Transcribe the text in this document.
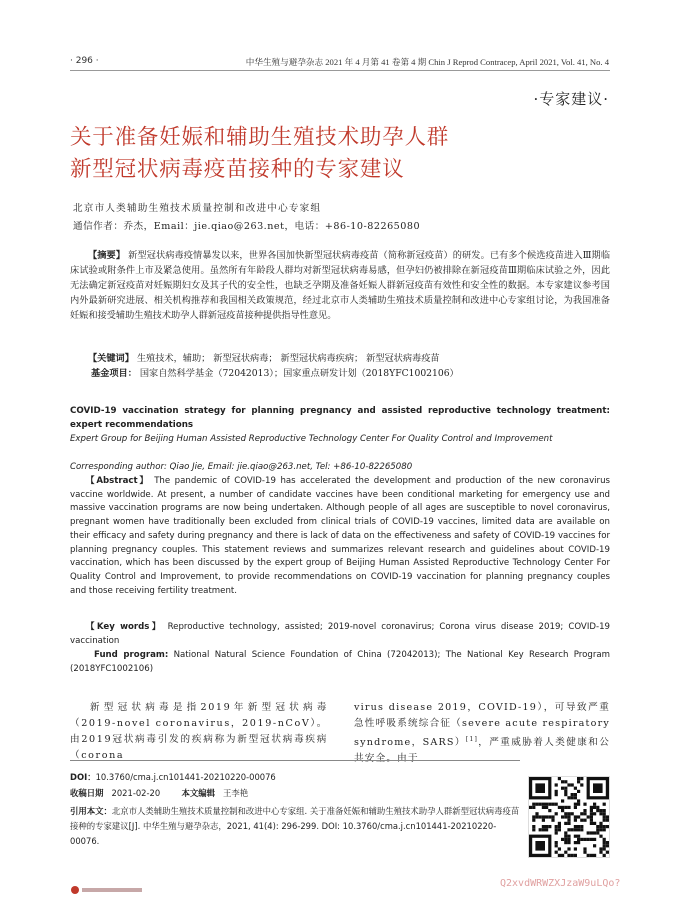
· 296 ·	中华生殖与避孕杂志 2021 年 4 月第 41 卷第 4 期 Chin J Reprod Contracep, April 2021, Vol. 41, No. 4
·专家建议·
关于准备妊娠和辅助生殖技术助孕人群
新型冠状病毒疫苗接种的专家建议
北京市人类辅助生殖技术质量控制和改进中心专家组
通信作者：乔杰，Email：jie.qiao@263.net，电话：+86-10-82265080
【摘要】 新型冠状病毒疫情暴发以来，世界各国加快新型冠状病毒疫苗（简称新冠疫苗）的研发。已有多个候选疫苗进入Ⅲ期临床试验或附条件上市及紧急使用。虽然所有年龄段人群均对新型冠状病毒易感，但孕妇仍被排除在新冠疫苗Ⅲ期临床试验之外，因此无法确定新冠疫苗对妊娠期妇女及其子代的安全性，也缺乏孕期及准备妊娠人群新冠疫苗有效性和安全性的数据。本专家建议参考国内外最新研究进展、相关机构推荐和我国相关政策规范，经过北京市人类辅助生殖技术质量控制和改进中心专家组讨论，为我国准备妊娠和接受辅助生殖技术助孕人群新冠疫苗接种提供指导性意见。
【关键词】 生殖技术，辅助； 新型冠状病毒； 新型冠状病毒疾病； 新型冠状病毒疫苗
基金项目： 国家自然科学基金（72042013）；国家重点研发计划（2018YFC1002106）
COVID-19 vaccination strategy for planning pregnancy and assisted reproductive technology treatment: expert recommendations
Expert Group for Beijing Human Assisted Reproductive Technology Center For Quality Control and Improvement
Corresponding author: Qiao Jie, Email: jie.qiao@263.net, Tel: +86-10-82265080
【Abstract】 The pandemic of COVID-19 has accelerated the development and production of the new coronavirus vaccine worldwide. At present, a number of candidate vaccines have been conditional marketing for emergency use and massive vaccination programs are now being undertaken. Although people of all ages are susceptible to novel coronavirus, pregnant women have traditionally been excluded from clinical trials of COVID-19 vaccines, limited data are available on their efficacy and safety during pregnancy and there is lack of data on the effectiveness and safety of COVID-19 vaccines for planning pregnancy couples. This statement reviews and summarizes relevant research and guidelines about COVID-19 vaccination, which has been discussed by the expert group of Beijing Human Assisted Reproductive Technology Center For Quality Control and Improvement, to provide recommendations on COVID-19 vaccination for planning pregnancy couples and those receiving fertility treatment.
【Key words】 Reproductive technology, assisted; 2019-novel coronavirus; Corona virus disease 2019; COVID-19 vaccination
Fund program: National Natural Science Foundation of China (72042013); The National Key Research Program (2018YFC1002106)
新型冠状病毒是指2019年新型冠状病毒（2019-novel coronavirus，2019-nCoV）。由2019冠状病毒引发的疾病称为新型冠状病毒疾病（corona
virus disease 2019，COVID-19），可导致严重急性呼吸系统综合征（severe acute respiratory syndrome，SARS）[1]，严重威胁着人类健康和公共安全。由于
DOI：10.3760/cma.j.cn101441-20210220-00076
收稿日期 2021-02-20	本文编辑 王李艳
引用本文：北京市人类辅助生殖技术质量控制和改进中心专家组. 关于准备妊娠和辅助生殖技术助孕人群新型冠状病毒疫苗接种的专家建议[J]. 中华生殖与避孕杂志，2021, 41(4): 296-299. DOI: 10.3760/cma.j.cn101441-20210220-00076.
Q2xvdWRWZXJzaW9uLQo?
